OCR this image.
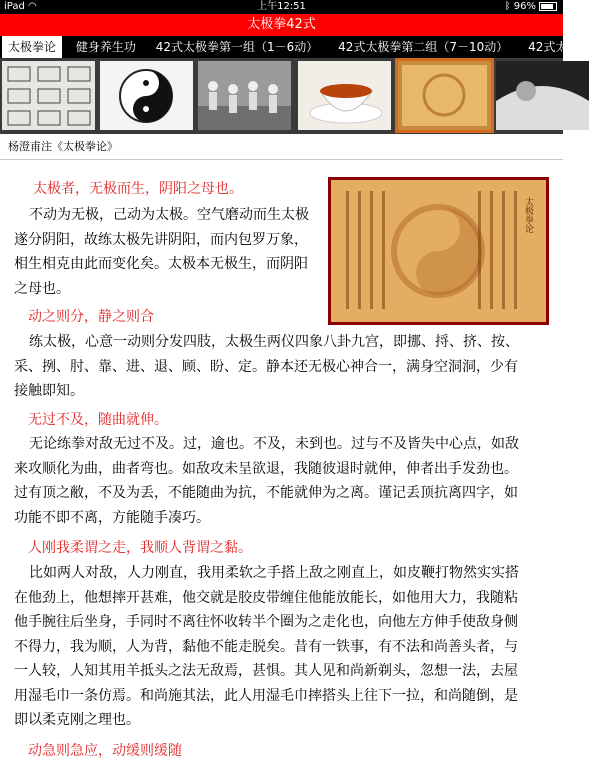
iPad ◠	上午12:51	ᛒ 96%
太极拳42式
太极拳论 健身养生功 42式太极拳第一组（1－6动） 42式太极拳第二组（7－10动） 42式太极
杨澄甫注《太极拳论》
太极拳论
太极者，无极而生，阴阳之母也。
不动为无极，己动为太极。空气磨动而生太极
遂分阴阳，故练太极先讲阴阳，而内包罗万象，
相生相克由此而变化矣。太极本无极生，而阴阳
之母也。
动之则分，静之则合
练太极，心意一动则分发四肢，太极生两仪四象八卦九宫，即挪、捋、挤、按、
采、挒、肘、靠、进、退、顾、盼、定。静本还无极心神合一，满身空洞洞，少有
接触即知。
无过不及，随曲就伸。
无论练拳对敌无过不及。过，逾也。不及，未到也。过与不及皆失中心点，如敌
来攻顺化为曲，曲者弯也。如敌攻未呈欲退，我随彼退时就伸，伸者出手发劲也。
过有顶之敝，不及为丢，不能随曲为抗，不能就伸为之离。谨记丢顶抗离四字，如
功能不即不离，方能随手凑巧。
人刚我柔谓之走，我顺人背谓之黏。
比如两人对敌，人力刚直，我用柔软之手搭上敌之刚直上，如皮鞭打物然实实搭
在他劲上，他想摔开甚难，他交就是胶皮带缠住他能放能长，如他用大力，我随粘
他手腕往后坐身，手同时不离往怀收转半个圈为之走化也，向他左方伸手使敌身侧
不得力，我为顺，人为背，黏他不能走脱矣。昔有一铁事，有不法和尚善头者，与
一人较，人知其用羊抵头之法无敌焉，甚惧。其人见和尚新剃头，忽想一法，去屋
用湿毛巾一条仿焉。和尚施其法，此人用湿毛巾摔搭头上往下一拉，和尚随倒，是
即以柔克刚之理也。
动急则急应，动缓则缓随
